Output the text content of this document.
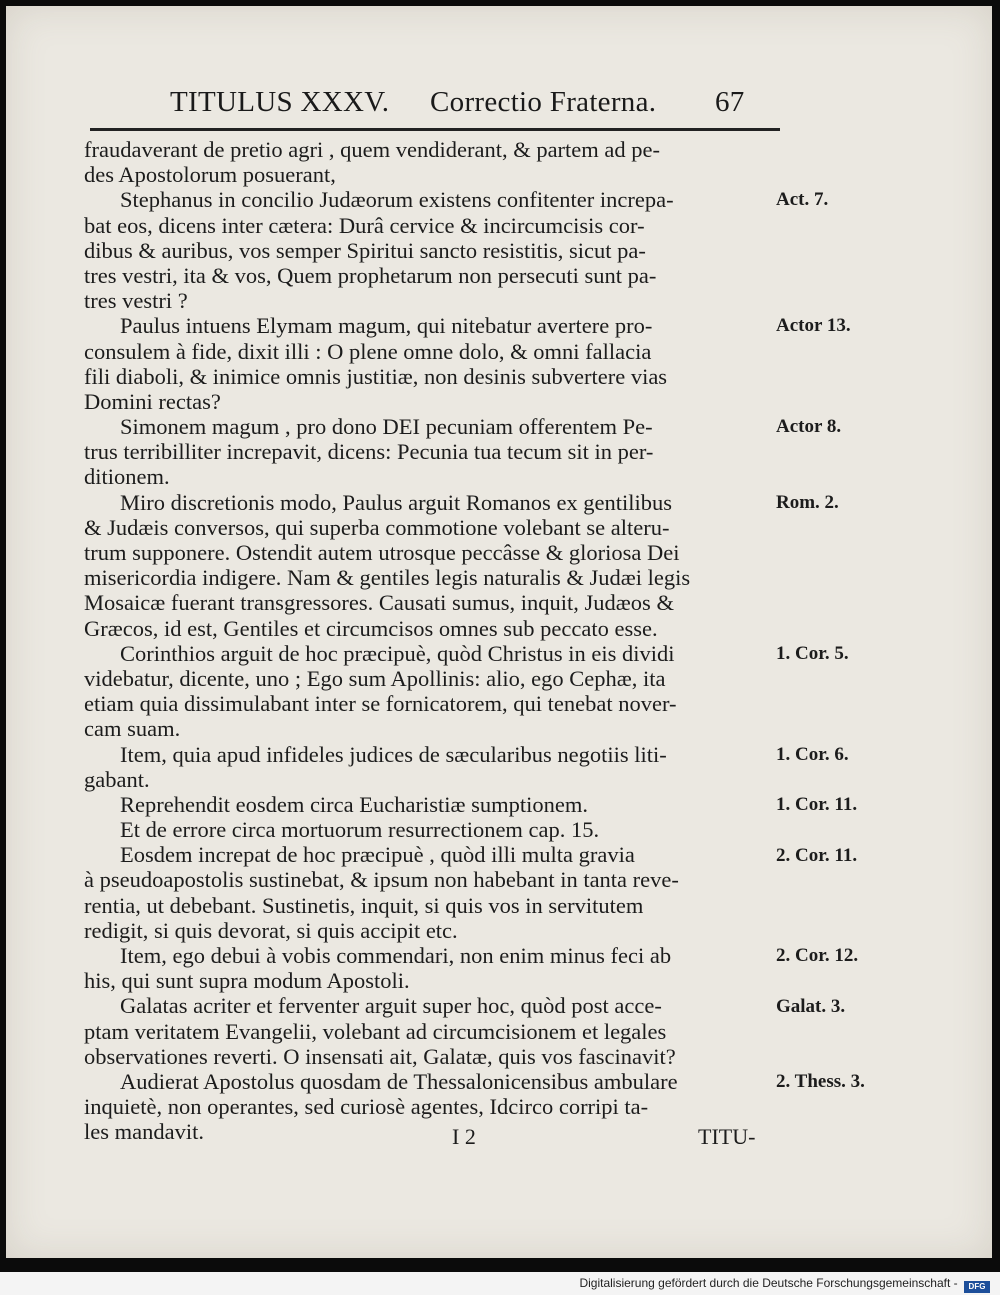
TITULUS XXXV. Correctio Fraterna. 67
fraudaverant de pretio agri , quem vendiderant, & partem ad pe-
des Apostolorum posuerant,
Stephanus in concilio Judæorum existens confitenter increpa-
bat eos, dicens inter cætera: Durâ cervice & incircumcisis cor-
dibus & auribus, vos semper Spiritui sancto resistitis, sicut pa-
tres vestri, ita & vos, Quem prophetarum non persecuti sunt pa-
tres vestri ?
Paulus intuens Elymam magum, qui nitebatur avertere pro-
consulem à fide, dixit illi : O plene omne dolo, & omni fallacia
fili diaboli, & inimice omnis justitiæ, non desinis subvertere vias
Domini rectas?
Simonem magum , pro dono DEI pecuniam offerentem Pe-
trus terribilliter increpavit, dicens: Pecunia tua tecum sit in per-
ditionem.
Miro discretionis modo, Paulus arguit Romanos ex gentilibus
& Judæis conversos, qui superba commotione volebant se alteru-
trum supponere. Ostendit autem utrosque peccâsse & gloriosa Dei
misericordia indigere. Nam & gentiles legis naturalis & Judæi legis
Mosaicæ fuerant transgressores. Causati sumus, inquit, Judæos &
Græcos, id est, Gentiles et circumcisos omnes sub peccato esse.
Corinthios arguit de hoc præcipuè, quòd Christus in eis dividi
videbatur, dicente, uno ; Ego sum Apollinis: alio, ego Cephæ, ita
etiam quia dissimulabant inter se fornicatorem, qui tenebat nover-
cam suam.
Item, quia apud infideles judices de sæcularibus negotiis liti-
gabant.
Reprehendit eosdem circa Eucharistiæ sumptionem.
Et de errore circa mortuorum resurrectionem cap. 15.
Eosdem increpat de hoc præcipuè , quòd illi multa gravia
à pseudoapostolis sustinebat, & ipsum non habebant in tanta reve-
rentia, ut debebant. Sustinetis, inquit, si quis vos in servitutem
redigit, si quis devorat, si quis accipit etc.
Item, ego debui à vobis commendari, non enim minus feci ab
his, qui sunt supra modum Apostoli.
Galatas acriter et ferventer arguit super hoc, quòd post acce-
ptam veritatem Evangelii, volebant ad circumcisionem et legales
observationes reverti. O insensati ait, Galatæ, quis vos fascinavit?
Audierat Apostolus quosdam de Thessalonicensibus ambulare
inquietè, non operantes, sed curiosè agentes, Idcirco corripi ta-
les mandavit.
Act. 7.
Actor 13.
Actor 8.
Rom. 2.
1. Cor. 5.
1. Cor. 6.
1. Cor. 11.
2. Cor. 11.
2. Cor. 12.
Galat. 3.
2. Thess. 3.
I 2	TITU-
Digitalisierung gefördert durch die Deutsche Forschungsgemeinschaft - DFG
